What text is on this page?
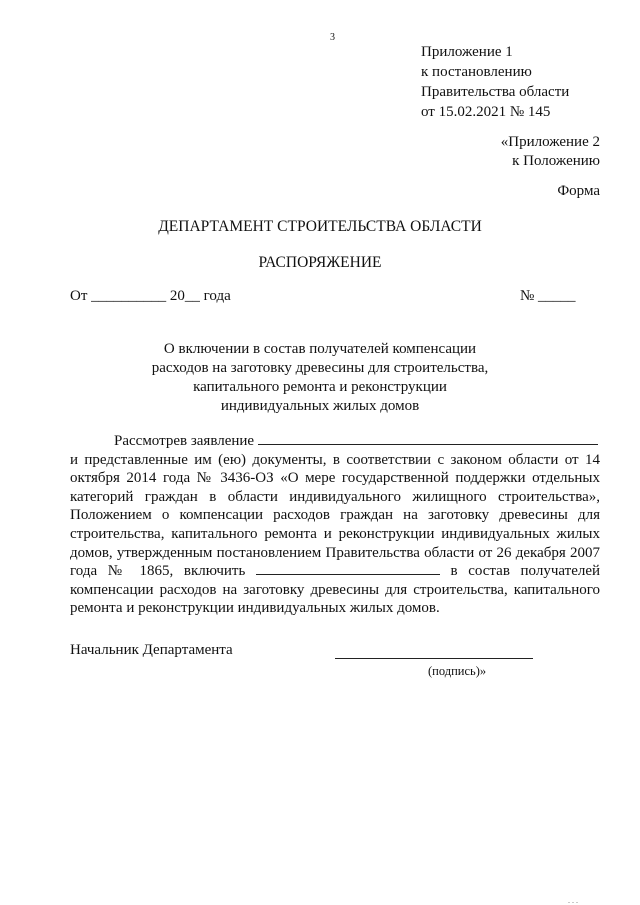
3
Приложение 1
к постановлению
Правительства области
от 15.02.2021 № 145
«Приложение 2
к Положению
Форма
ДЕПАРТАМЕНТ СТРОИТЕЛЬСТВА ОБЛАСТИ
РАСПОРЯЖЕНИЕ
От __________ 20__ года	№ _____
О включении в состав получателей компенсации
расходов на заготовку древесины для строительства,
капитального ремонта и реконструкции
индивидуальных жилых домов

Рассмотрев заявление

и представленные им (ею) документы, в соответствии с законом области от 14 октября 2014 года № 3436-ОЗ «О мере государственной поддержки отдельных категорий граждан в области индивидуального жилищного строительства», Положением о компенсации расходов граждан на заготовку древесины для строительства, капитального ремонта и реконструкции индивидуальных жилых домов, утвержденным постановлением Правительства области от 26 декабря 2007 года № 1865, включить	в состав получателей компенсации расходов на заготовку древесины для строительства, капитального ремонта и реконструкции индивидуальных жилых домов.

Начальник Департамента
(подпись)»
. . .
